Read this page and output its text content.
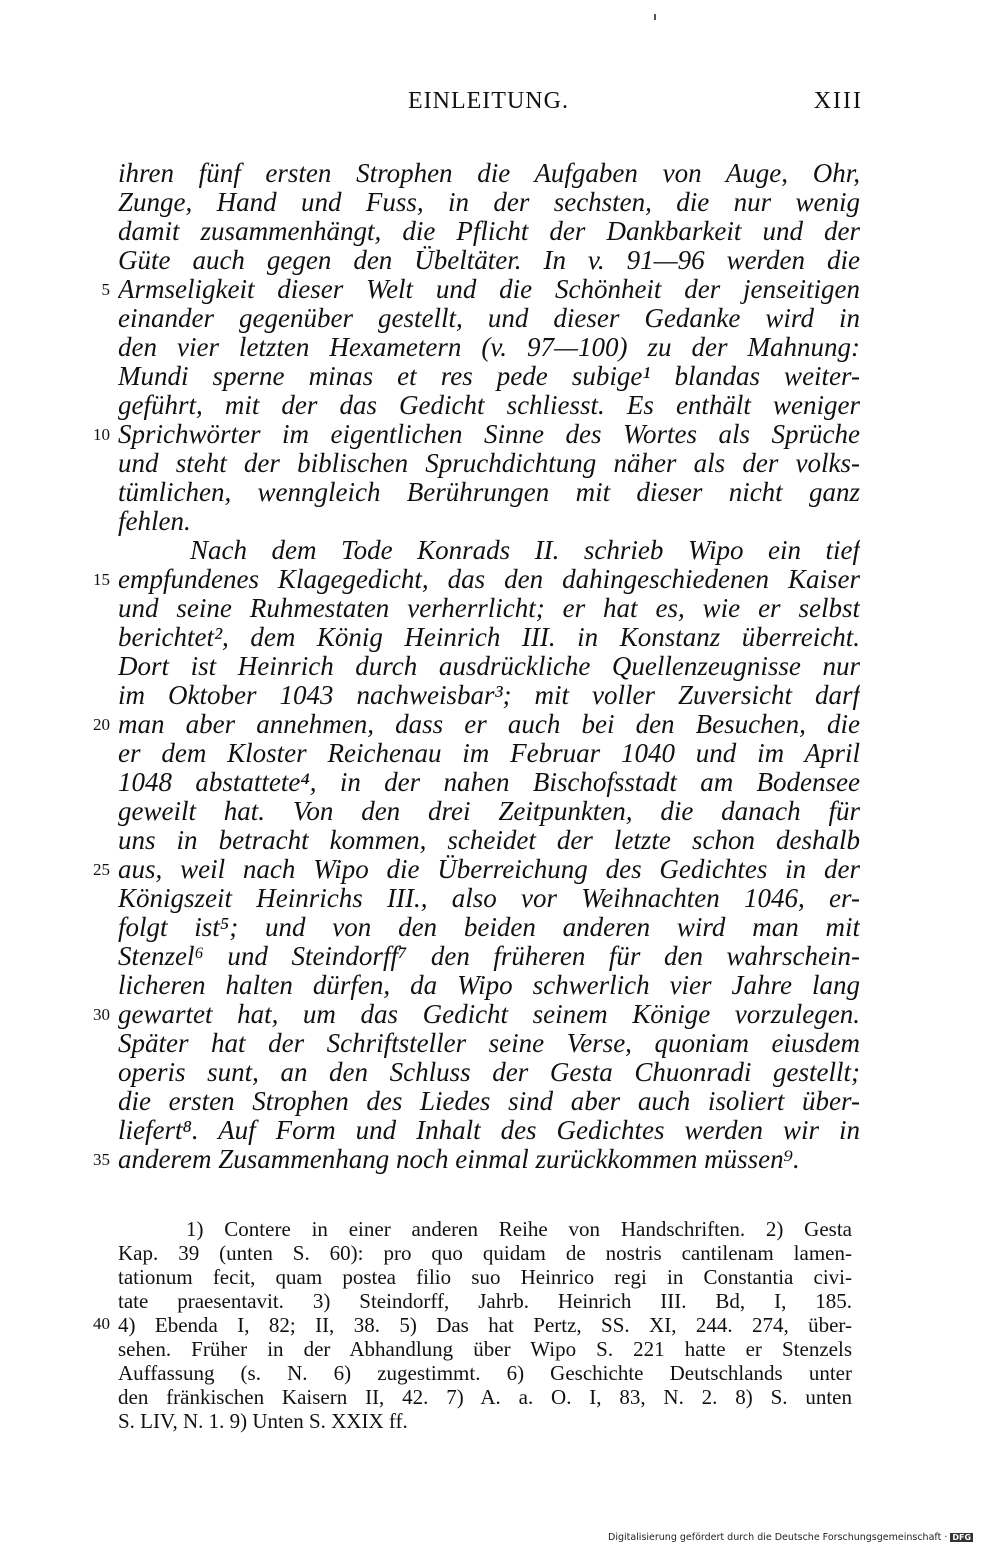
EINLEITUNG.	XIII
ihren fünf ersten Strophen die Aufgaben von Auge, Ohr,
Zunge, Hand und Fuss, in der sechsten, die nur wenig
damit zusammenhängt, die Pflicht der Dankbarkeit und der
Güte auch gegen den Übeltäter. In v. 91—96 werden die
Armseligkeit dieser Welt und die Schönheit der jenseitigen
einander gegenüber gestellt, und dieser Gedanke wird in
den vier letzten Hexametern (v. 97—100) zu der Mahnung:
Mundi sperne minas et res pede subige¹ blandas weiter-
geführt, mit der das Gedicht schliesst. Es enthält weniger
Sprichwörter im eigentlichen Sinne des Wortes als Sprüche
und steht der biblischen Spruchdichtung näher als der volks-
tümlichen, wenngleich Berührungen mit dieser nicht ganz
fehlen.
Nach dem Tode Konrads II. schrieb Wipo ein tief
empfundenes Klagegedicht, das den dahingeschiedenen Kaiser
und seine Ruhmestaten verherrlicht; er hat es, wie er selbst
berichtet², dem König Heinrich III. in Konstanz überreicht.
Dort ist Heinrich durch ausdrückliche Quellenzeugnisse nur
im Oktober 1043 nachweisbar³; mit voller Zuversicht darf
man aber annehmen, dass er auch bei den Besuchen, die
er dem Kloster Reichenau im Februar 1040 und im April
1048 abstattete⁴, in der nahen Bischofsstadt am Bodensee
geweilt hat. Von den drei Zeitpunkten, die danach für
uns in betracht kommen, scheidet der letzte schon deshalb
aus, weil nach Wipo die Überreichung des Gedichtes in der
Königszeit Heinrichs III., also vor Weihnachten 1046, er-
folgt ist⁵; und von den beiden anderen wird man mit
Stenzel⁶ und Steindorff⁷ den früheren für den wahrschein-
licheren halten dürfen, da Wipo schwerlich vier Jahre lang
gewartet hat, um das Gedicht seinem Könige vorzulegen.
Später hat der Schriftsteller seine Verse, quoniam eiusdem
operis sunt, an den Schluss der Gesta Chuonradi gestellt;
die ersten Strophen des Liedes sind aber auch isoliert über-
liefert⁸. Auf Form und Inhalt des Gedichtes werden wir in
anderem Zusammenhang noch einmal zurückkommen müssen⁹.
5
10
15
20
25
30
35
40
1) Contere in einer anderen Reihe von Handschriften. 2) Gesta
Kap. 39 (unten S. 60): pro quo quidam de nostris cantilenam lamen-
tationum fecit, quam postea filio suo Heinrico regi in Constantia civi-
tate praesentavit. 3) Steindorff, Jahrb. Heinrich III. Bd, I, 185.
4) Ebenda I, 82; II, 38. 5) Das hat Pertz, SS. XI, 244. 274, über-
sehen. Früher in der Abhandlung über Wipo S. 221 hatte er Stenzels
Auffassung (s. N. 6) zugestimmt. 6) Geschichte Deutschlands unter
den fränkischen Kaisern II, 42. 7) A. a. O. I, 83, N. 2. 8) S. unten
S. LIV, N. 1. 9) Unten S. XXIX ff.
Digitalisierung gefördert durch die Deutsche Forschungsgemeinschaft · DFG
